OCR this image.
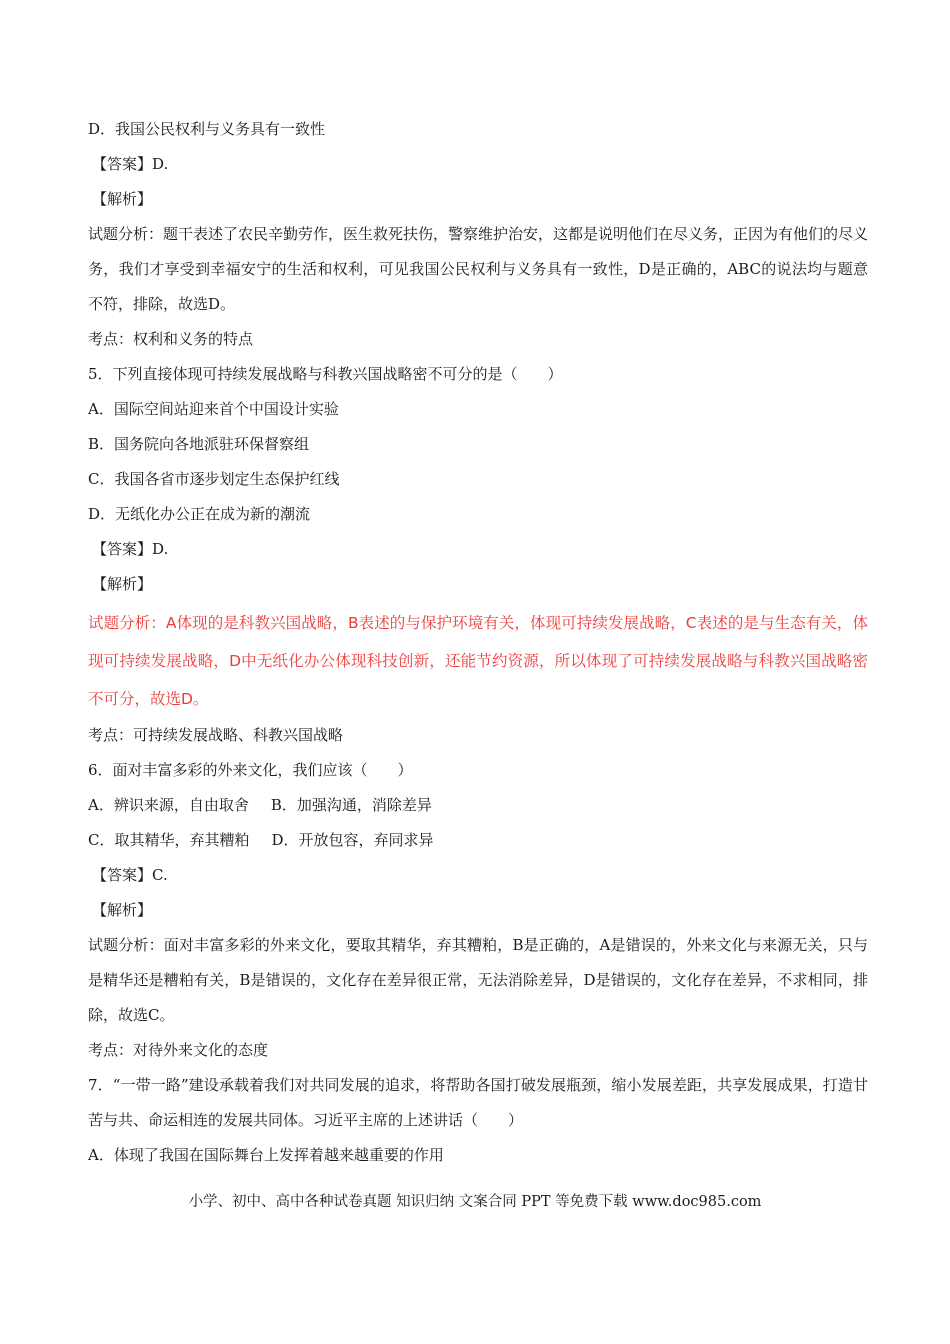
D．我国公民权利与义务具有一致性
【答案】D.
【解析】
试题分析：题干表述了农民辛勤劳作，医生救死扶伤，警察维护治安，这都是说明他们在尽义务，正因为有他们的尽义务，我们才享受到幸福安宁的生活和权利，可见我国公民权利与义务具有一致性，D是正确的，ABC的说法均与题意不符，排除，故选D。
考点：权利和义务的特点
5．下列直接体现可持续发展战略与科教兴国战略密不可分的是（　　）
A．国际空间站迎来首个中国设计实验
B．国务院向各地派驻环保督察组
C．我国各省市逐步划定生态保护红线
D．无纸化办公正在成为新的潮流
【答案】D.
【解析】
试题分析：A体现的是科教兴国战略，B表述的与保护环境有关，体现可持续发展战略，C表述的是与生态有关，体现可持续发展战略，D中无纸化办公体现科技创新，还能节约资源，所以体现了可持续发展战略与科教兴国战略密不可分，故选D。
考点：可持续发展战略、科教兴国战略
6．面对丰富多彩的外来文化，我们应该（　　）
A．辨识来源，自由取舍 B．加强沟通，消除差异
C．取其精华，弃其糟粕 D．开放包容，弃同求异
【答案】C.
【解析】
试题分析：面对丰富多彩的外来文化，要取其精华，弃其糟粕，B是正确的，A是错误的，外来文化与来源无关，只与是精华还是糟粕有关，B是错误的，文化存在差异很正常，无法消除差异，D是错误的，文化存在差异，不求相同，排除，故选C。
考点：对待外来文化的态度
7．“一带一路”建设承载着我们对共同发展的追求，将帮助各国打破发展瓶颈，缩小发展差距，共享发展成果，打造甘苦与共、命运相连的发展共同体。习近平主席的上述讲话（　　）
A．体现了我国在国际舞台上发挥着越来越重要的作用
小学、初中、高中各种试卷真题 知识归纳 文案合同 PPT 等免费下载 www.doc985.com
